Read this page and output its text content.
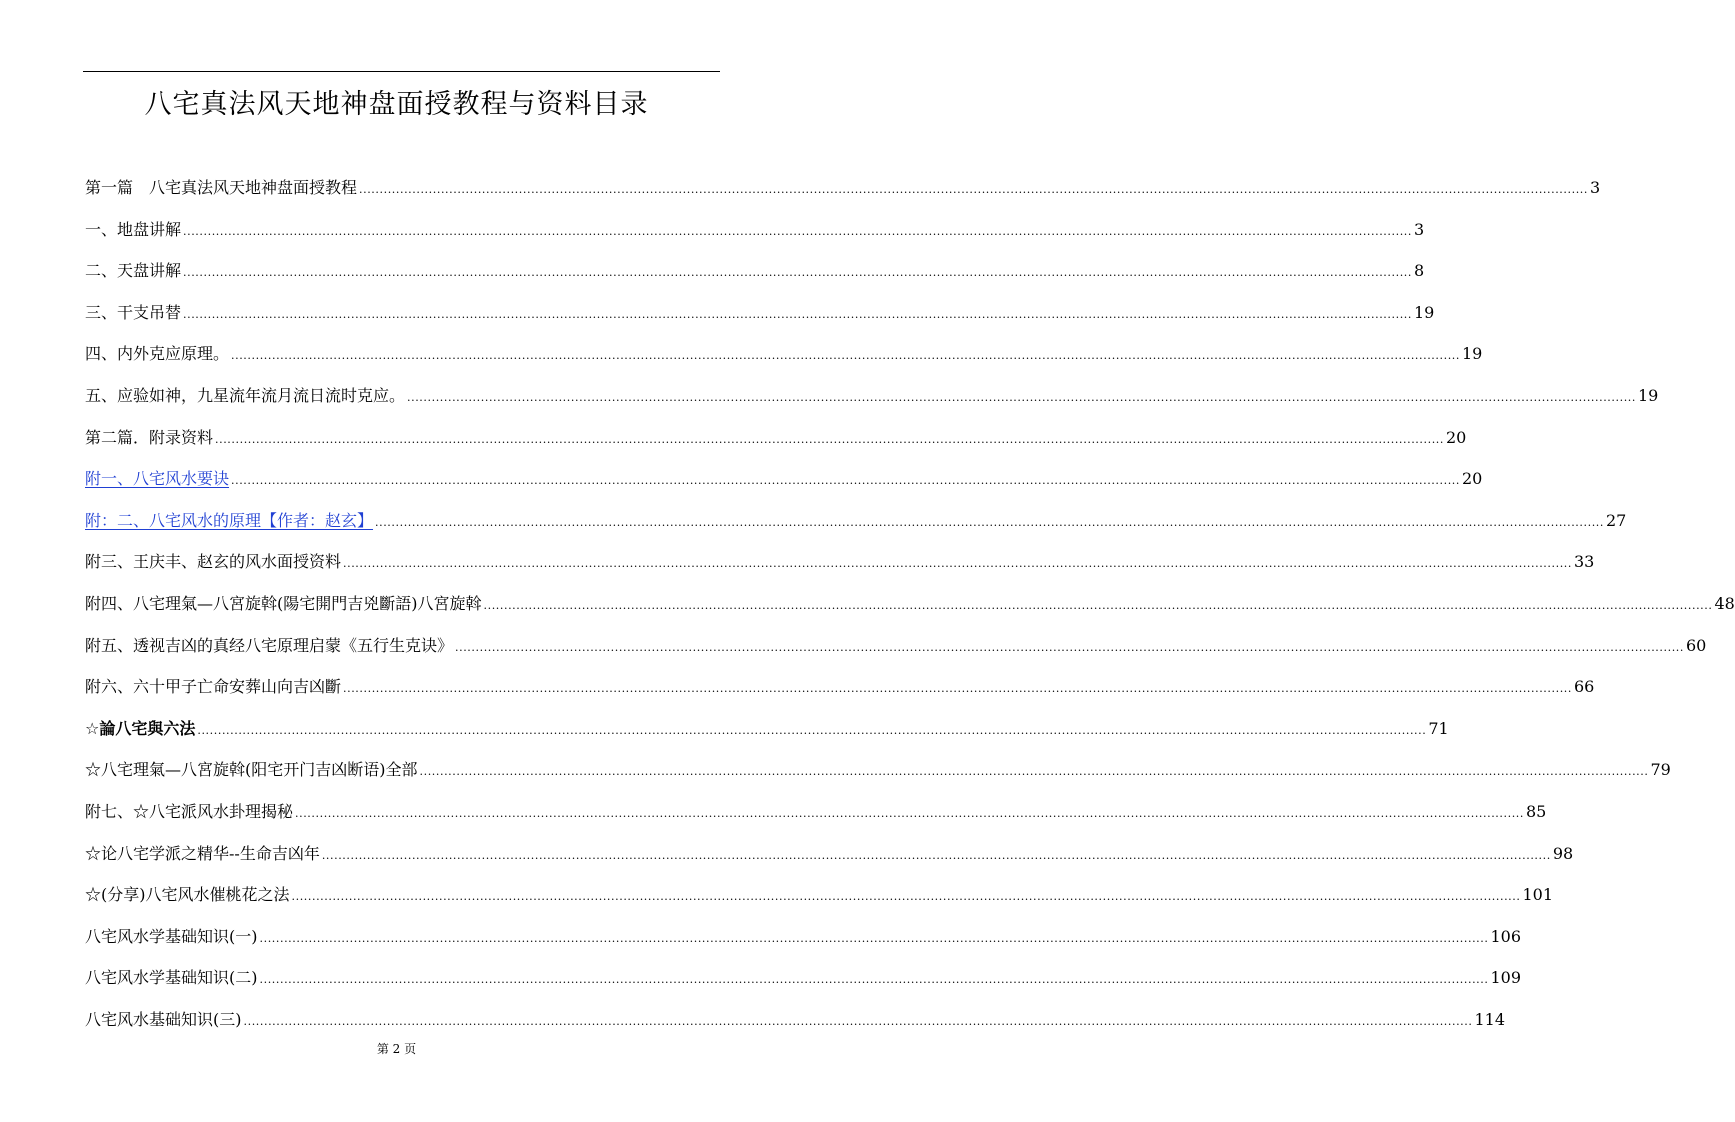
八宅真法风天地神盘面授教程与资料目录
第一篇　八宅真法风天地神盘面授教程 ............................................................................................................................................................................................................................................................................................................ 3
一、地盘讲解 ............................................................................................................................................................................................................................................................................................................ 3
二、天盘讲解 ............................................................................................................................................................................................................................................................................................................ 8
三、干支吊替 ............................................................................................................................................................................................................................................................................................................ 19
四、内外克应原理。 ............................................................................................................................................................................................................................................................................................................ 19
五、应验如神，九星流年流月流日流时克应。 ............................................................................................................................................................................................................................................................................................................ 19
第二篇．附录资料 ............................................................................................................................................................................................................................................................................................................ 20
附一、八宅风水要诀 ............................................................................................................................................................................................................................................................................................................ 20
附：二、八宅风水的原理【作者：赵玄】 ............................................................................................................................................................................................................................................................................................................ 27
附三、王庆丰、赵玄的风水面授资料 ............................................................................................................................................................................................................................................................................................................ 33
附四、八宅理氣—八宮旋斡(陽宅開門吉兇斷語)八宮旋斡 ............................................................................................................................................................................................................................................................................................................ 48
附五、透视吉凶的真经八宅原理启蒙《五行生克诀》 ............................................................................................................................................................................................................................................................................................................ 60
附六、六十甲子亡命安葬山向吉凶斷 ............................................................................................................................................................................................................................................................................................................ 66
☆論八宅與六法 ............................................................................................................................................................................................................................................................................................................ 71
☆八宅理氣—八宮旋斡(阳宅开门吉凶断语)全部 ............................................................................................................................................................................................................................................................................................................ 79
附七、☆八宅派风水卦理揭秘 ............................................................................................................................................................................................................................................................................................................ 85
☆论八宅学派之精华--生命吉凶年 ............................................................................................................................................................................................................................................................................................................ 98
☆(分享)八宅风水催桃花之法 ............................................................................................................................................................................................................................................................................................................ 101
八宅风水学基础知识(一) ............................................................................................................................................................................................................................................................................................................ 106
八宅风水学基础知识(二) ............................................................................................................................................................................................................................................................................................................ 109
八宅风水基础知识(三) ............................................................................................................................................................................................................................................................................................................ 114
第 2 页
